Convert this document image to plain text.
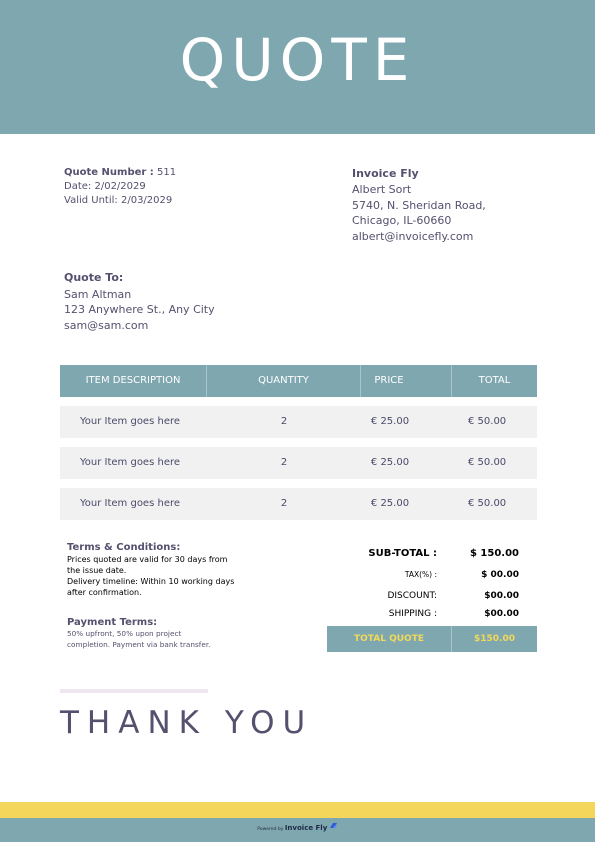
QUOTE
Quote Number : 511
Date: 2/02/2029
Valid Until: 2/03/2029
Invoice Fly
Albert Sort
5740, N. Sheridan Road,
Chicago, IL-60660
albert@invoicefly.com
Quote To:
Sam Altman
123 Anywhere St., Any City
sam@sam.com
ITEM DESCRIPTION	QUANTITY	PRICE	TOTAL
Your Item goes here	2	€ 25.00	€ 50.00
Your Item goes here	2	€ 25.00	€ 50.00
Your Item goes here	2	€ 25.00	€ 50.00
Terms & Conditions:
Prices quoted are valid for 30 days from the issue date.
Delivery timeline: Within 10 working days after confirmation.
Payment Terms:
50% upfront, 50% upon project completion. Payment via bank transfer.
SUB-TOTAL :	$ 150.00
TAX(%) :	$ 00.00
DISCOUNT:	$00.00
SHIPPING :	$00.00
TOTAL QUOTE	$150.00
THANK YOU
Powered by Invoice Fly
